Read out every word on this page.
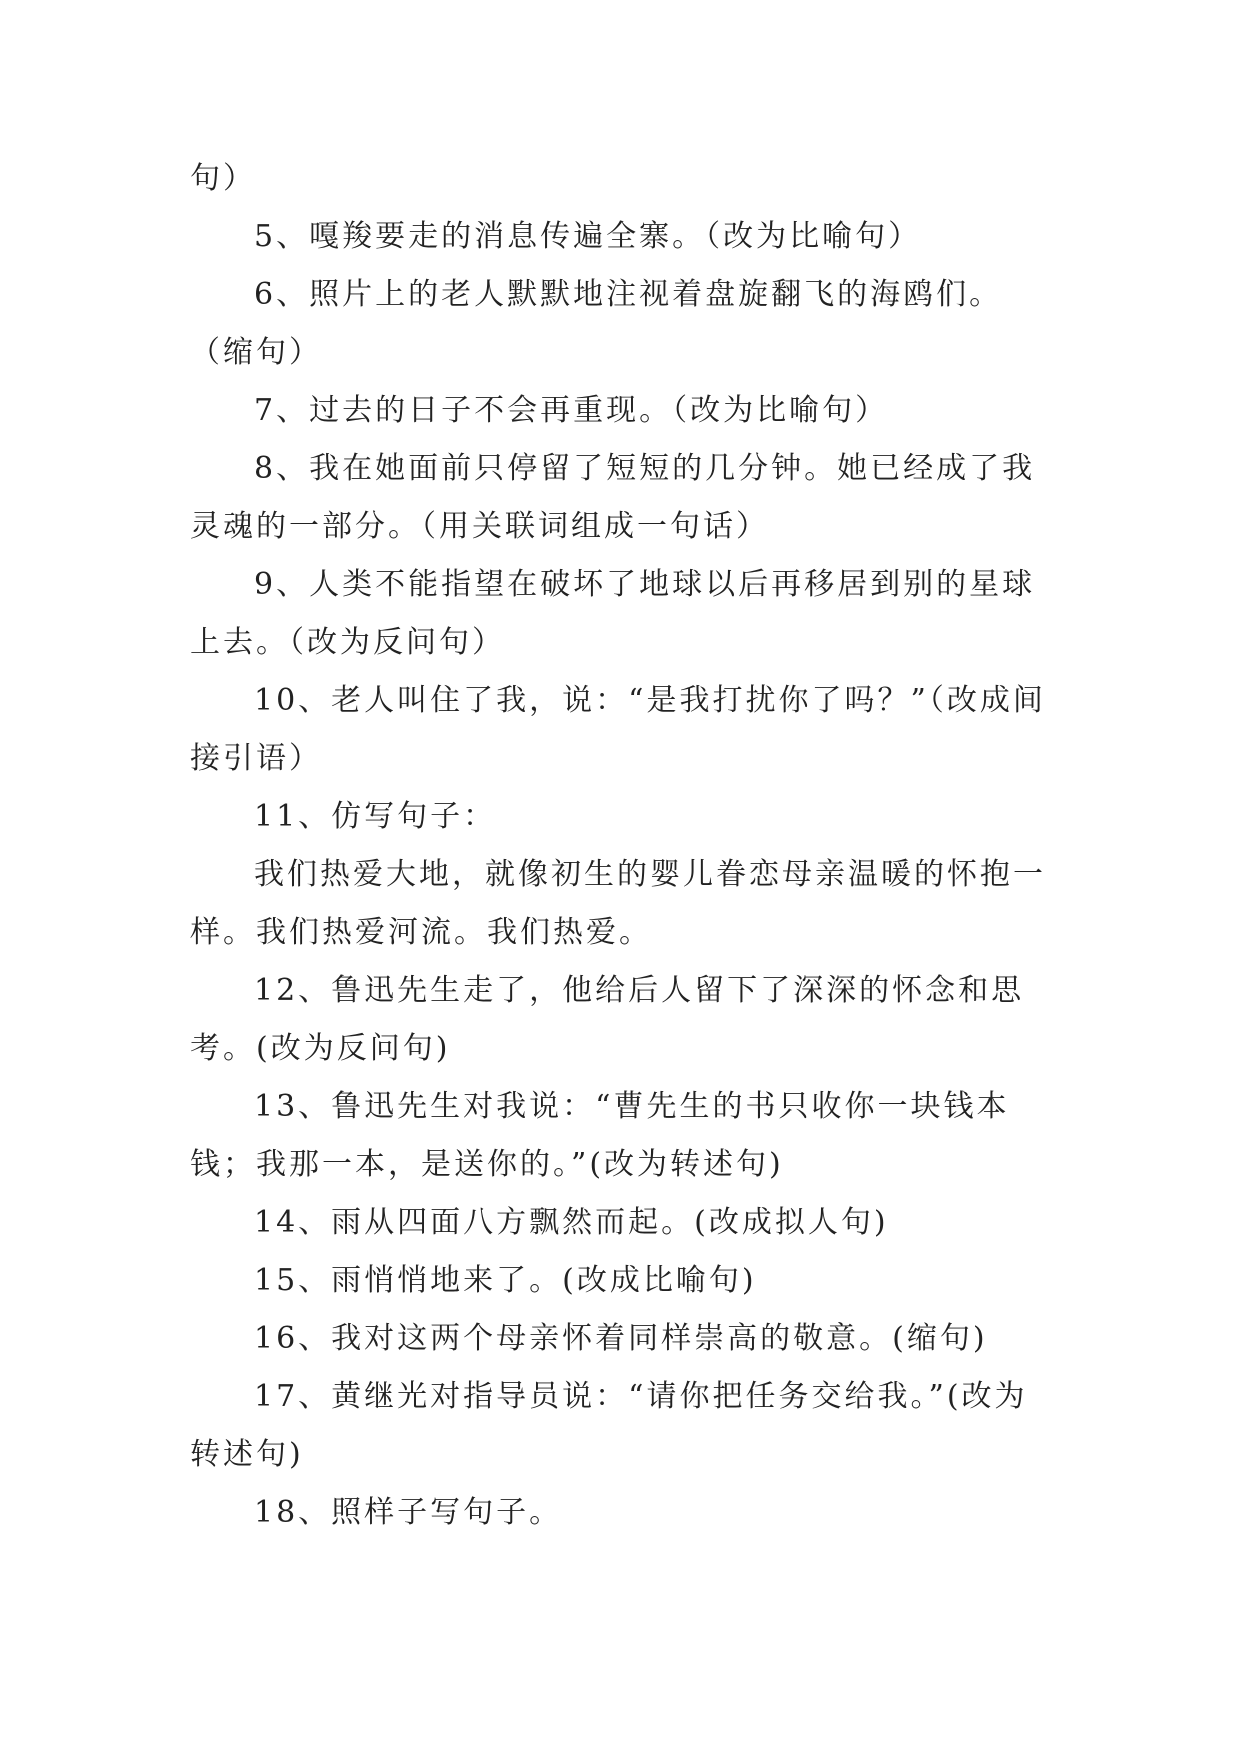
句）

5、嘎羧要走的消息传遍全寨。（改为比喻句）

6、照片上的老人默默地注视着盘旋翻飞的海鸥们。（缩句）

7、过去的日子不会再重现。（改为比喻句）

8、我在她面前只停留了短短的几分钟。她已经成了我灵魂的一部分。（用关联词组成一句话）

9、人类不能指望在破坏了地球以后再移居到别的星球上去。（改为反问句）

10、老人叫住了我，说：“是我打扰你了吗？”（改成间接引语）

11、仿写句子：

我们热爱大地，就像初生的婴儿眷恋母亲温暖的怀抱一样。我们热爱河流。我们热爱。

12、鲁迅先生走了，他给后人留下了深深的怀念和思考。(改为反问句)

13、鲁迅先生对我说：“曹先生的书只收你一块钱本钱；我那一本，是送你的。”(改为转述句)

14、雨从四面八方飘然而起。(改成拟人句)

15、雨悄悄地来了。(改成比喻句)

16、我对这两个母亲怀着同样崇高的敬意。(缩句)

17、黄继光对指导员说：“请你把任务交给我。”(改为转述句)

18、照样子写句子。
